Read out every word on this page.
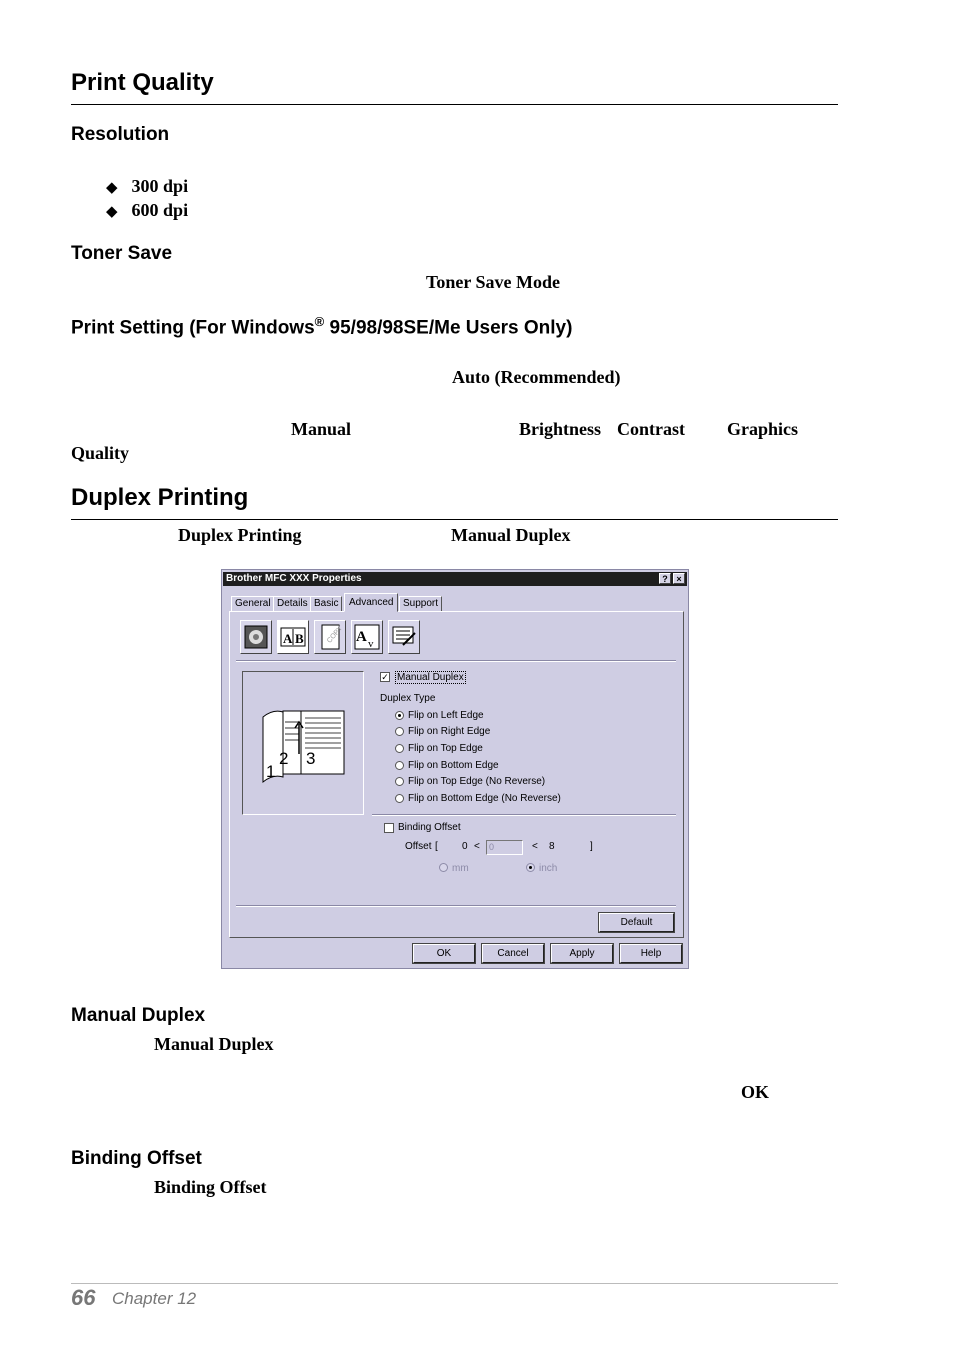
Print Quality
Resolution
◆ 300 dpi
◆ 600 dpi
Toner Save
Toner Save Mode
Print Setting (For Windows® 95/98/98SE/Me Users Only)
Auto (Recommended)
Manual	Brightness Contrast Graphics
Quality
Duplex Printing
Duplex Printing	Manual Duplex
Brother MFC XXX Properties	? ×
General Details Basic	Advanced Support
A B	COPY A v
1
2 3
✓ Manual Duplex
Duplex Type
Flip on Left Edge
Flip on Right Edge
Flip on Top Edge
Flip on Bottom Edge
Flip on Top Edge (No Reverse)
Flip on Bottom Edge (No Reverse)
Binding Offset
Offset [ 0 <	0	< 8	]
mm	inch
Default
OK	Cancel	Apply	Help
Manual Duplex
Manual Duplex
OK
Binding Offset
Binding Offset
66 Chapter 12
